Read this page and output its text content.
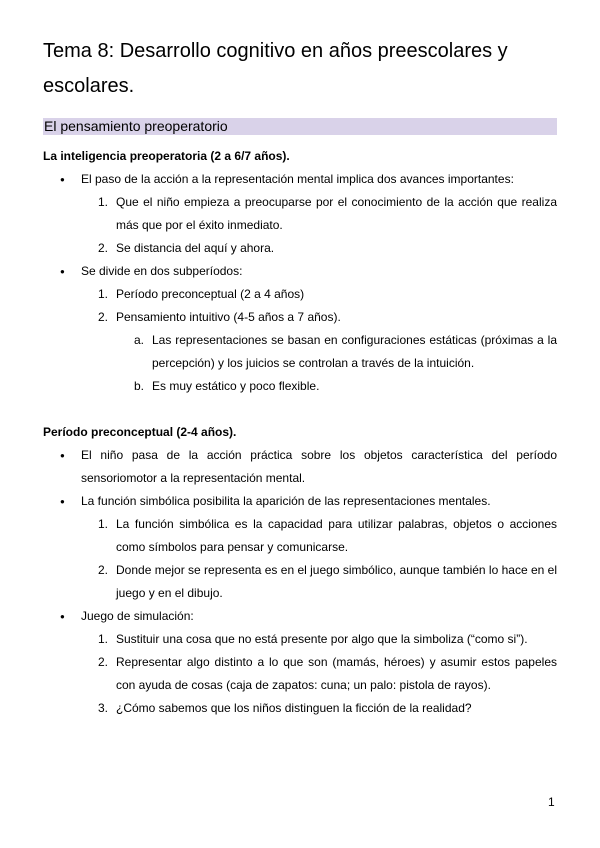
Tema 8: Desarrollo cognitivo en años preescolares y escolares.
El pensamiento preoperatorio

La inteligencia preoperatoria (2 a 6/7 años).

● El paso de la acción a la representación mental implica dos avances importantes:
1. Que el niño empieza a preocuparse por el conocimiento de la acción que realiza más que por el éxito inmediato.
2. Se distancia del aquí y ahora.
● Se divide en dos subperíodos:
1. Período preconceptual (2 a 4 años)
2. Pensamiento intuitivo (4-5 años a 7 años).
a. Las representaciones se basan en configuraciones estáticas (próximas a la percepción) y los juicios se controlan a través de la intuición.
b. Es muy estático y poco flexible.

Período preconceptual (2-4 años).

● El niño pasa de la acción práctica sobre los objetos característica del período sensoriomotor a la representación mental.
● La función simbólica posibilita la aparición de las representaciones mentales.
1. La función simbólica es la capacidad para utilizar palabras, objetos o acciones como símbolos para pensar y comunicarse.
2. Donde mejor se representa es en el juego simbólico, aunque también lo hace en el juego y en el dibujo.
● Juego de simulación:
1. Sustituir una cosa que no está presente por algo que la simboliza (“como si”).
2. Representar algo distinto a lo que son (mamás, héroes) y asumir estos papeles con ayuda de cosas (caja de zapatos: cuna; un palo: pistola de rayos).
3. ¿Cómo sabemos que los niños distinguen la ficción de la realidad?
1
